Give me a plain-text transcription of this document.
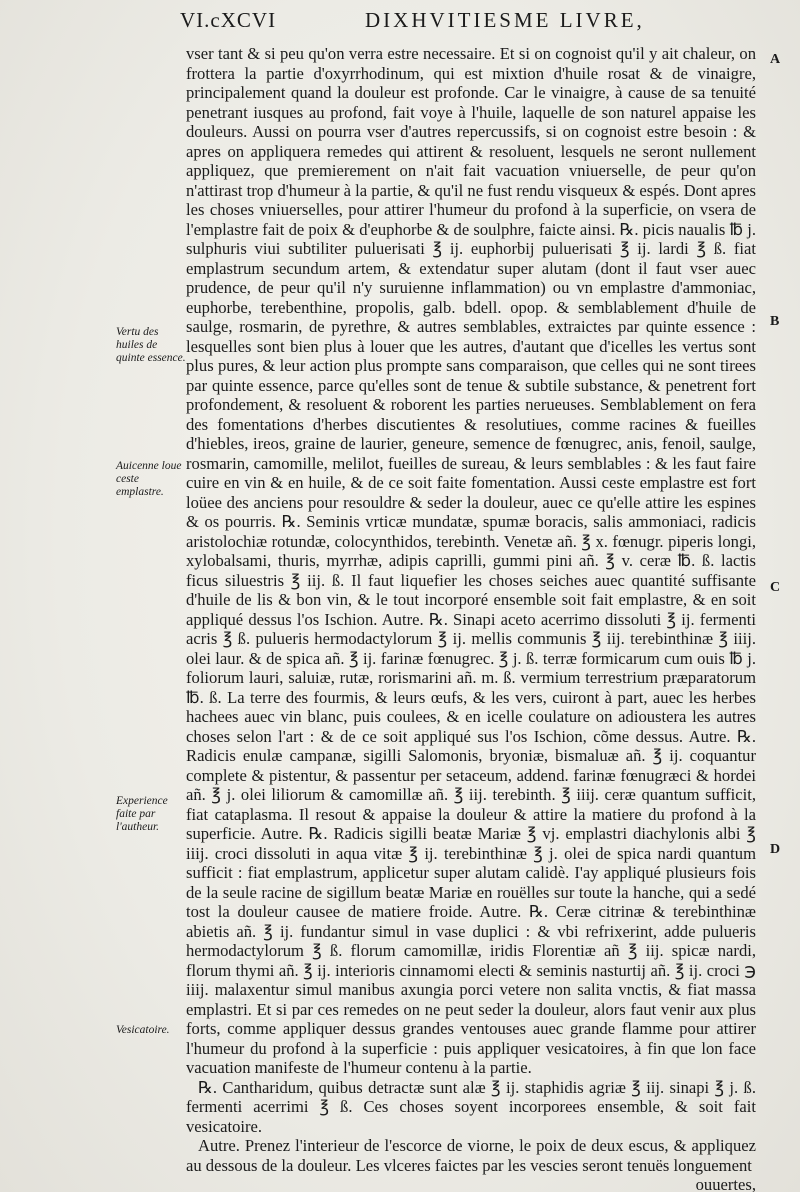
VI.cXCVI	DIXHVITIESME LIVRE,

vser tant & si peu qu'on verra estre necessaire. Et si on cognoist qu'il y ait chaleur, on frottera la partie d'oxyrrhodinum, qui est mixtion d'huile rosat & de vinaigre, principalement quand la douleur est profonde. Car le vinaigre, à cause de sa tenuité penetrant iusques au profond, fait voye à l'huile, laquelle de son naturel appaise les douleurs. Aussi on pourra vser d'autres repercussifs, si on cognoist estre besoin : & apres on appliquera remedes qui attirent & resoluent, lesquels ne seront nullement appliquez, que premierement on n'ait fait vacuation vniuerselle, de peur qu'on n'attirast trop d'humeur à la partie, & qu'il ne fust rendu visqueux & espés. Dont apres les choses vniuerselles, pour attirer l'humeur du profond à la superficie, on vsera de l'emplastre fait de poix & d'euphorbe & de soulphre, faicte ainsi. ℞. picis naualis ℔ j. sulphuris viui subtiliter puluerisati ℥ ij. euphorbij puluerisati ℥ ij. lardi ℥ ß. fiat emplastrum secundum artem, & extendatur super alutam (dont il faut vser auec prudence, de peur qu'il n'y suruienne inflammation) ou vn emplastre d'ammoniac, euphorbe, terebenthine, propolis, galb. bdell. opop. & semblablement d'huile de saulge, rosmarin, de pyrethre, & autres semblables, extraictes par quinte essence : lesquelles sont bien plus à louer que les autres, d'autant que d'icelles les vertus sont plus pures, & leur action plus prompte sans comparaison, que celles qui ne sont tirees par quinte essence, parce qu'elles sont de tenue & subtile substance, & penetrent fort profondement, & resoluent & roborent les parties nerueuses. Semblablement on fera des fomentations d'herbes discutientes & resolutiues, comme racines & fueilles d'hiebles, ireos, graine de laurier, geneure, semence de fœnugrec, anis, fenoil, saulge, rosmarin, camomille, melilot, fueilles de sureau, & leurs semblables : & les faut faire cuire en vin & en huile, & de ce soit faite fomentation. Aussi ceste emplastre est fort loüee des anciens pour resouldre & seder la douleur, auec ce qu'elle attire les espines & os pourris. ℞. Seminis vrticæ mundatæ, spumæ boracis, salis ammoniaci, radicis aristolochiæ rotundæ, colocynthidos, terebinth. Venetæ añ. ℥ x. fœnugr. piperis longi, xylobalsami, thuris, myrrhæ, adipis caprilli, gummi pini añ. ℥ v. ceræ ℔. ß. lactis ficus siluestris ℥ iij. ß. Il faut liquefier les choses seiches auec quantité suffisante d'huile de lis & bon vin, & le tout incorporé ensemble soit fait emplastre, & en soit appliqué dessus l'os Ischion. Autre. ℞. Sinapi aceto acerrimo dissoluti ℥ ij. fermenti acris ℥ ß. pulueris hermodactylorum ℥ ij. mellis communis ℥ iij. terebinthinæ ℥ iiij. olei laur. & de spica añ. ℥ ij. farinæ fœnugrec. ℥ j. ß. terræ formicarum cum ouis ℔ j. foliorum lauri, saluiæ, rutæ, rorismarini añ. m. ß. vermium terrestrium præparatorum ℔. ß. La terre des fourmis, & leurs œufs, & les vers, cuiront à part, auec les herbes hachees auec vin blanc, puis coulees, & en icelle coulature on adioustera les autres choses selon l'art : & de ce soit appliqué sus l'os Ischion, cõme dessus. Autre. ℞. Radicis enulæ campanæ, sigilli Salomonis, bryoniæ, bismaluæ añ. ℥ ij. coquantur complete & pistentur, & passentur per setaceum, addend. farinæ fœnugræci & hordei añ. ℥ j. olei liliorum & camomillæ añ. ℥ iij. terebinth. ℥ iiij. ceræ quantum sufficit, fiat cataplasma. Il resout & appaise la douleur & attire la matiere du profond à la superficie. Autre. ℞. Radicis sigilli beatæ Mariæ ℥ vj. emplastri diachylonis albi ℥ iiij. croci dissoluti in aqua vitæ ℥ ij. terebinthinæ ℥ j. olei de spica nardi quantum sufficit : fiat emplastrum, applicetur super alutam calidè. I'ay appliqué plusieurs fois de la seule racine de sigillum beatæ Mariæ en rouëlles sur toute la hanche, qui a sedé tost la douleur causee de matiere froide. Autre. ℞. Ceræ citrinæ & terebinthinæ abietis añ. ℥ ij. fundantur simul in vase duplici : & vbi refrixerint, adde pulueris hermodactylorum ℥ ß. florum camomillæ, iridis Florentiæ añ ℥ iij. spicæ nardi, florum thymi añ. ℥ ij. interioris cinnamomi electi & seminis nasturtij añ. ℥ ij. croci ℈ iiij. malaxentur simul manibus axungia porci vetere non salita vnctis, & fiat massa emplastri. Et si par ces remedes on ne peut seder la douleur, alors faut venir aux plus forts, comme appliquer dessus grandes ventouses auec grande flamme pour attirer l'humeur du profond à la superficie : puis appliquer vesicatoires, à fin que lon face vacuation manifeste de l'humeur contenu à la partie.

℞. Cantharidum, quibus detractæ sunt alæ ℥ ij. staphidis agriæ ℥ iij. sinapi ℥ j. ß. fermenti acerrimi ℥ ß. Ces choses soyent incorporees ensemble, & soit fait vesicatoire.

Autre. Prenez l'interieur de l'escorce de viorne, le poix de deux escus, & appliquez au dessous de la douleur. Les vlceres faictes par les vescies seront tenuës longuement

ouuertes,

Vertu des huiles de quinte essence.
Auicenne loue ceste emplastre.
Experience faite par l'autheur.
Vesicatoire.
A
B
C
D
